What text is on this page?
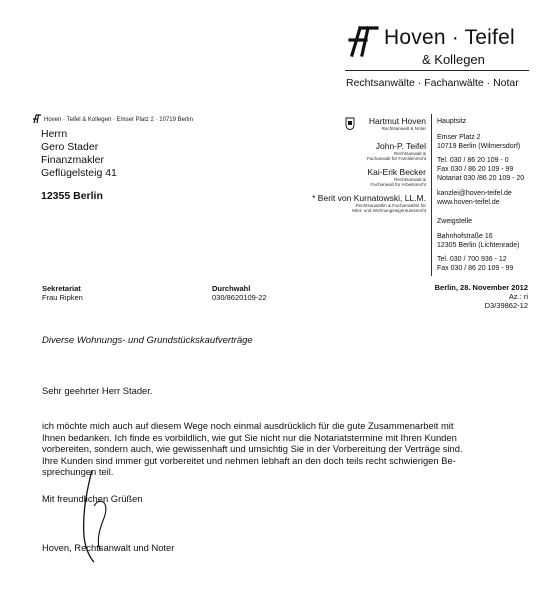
Hoven · Teifel
& Kollegen
Rechtsanwälte · Fachanwälte · Notar
Hoven · Teifel & Kollegen · Emser Platz 2 · 10719 Berlin
Herrn
Gero Stader
Finanzmakler
Geflügelsteig 41
12355 Berlin
Hartmut Hoven
Rechtsanwalt & Notar
John-P. Teifel
Rechtsanwalt &
Fachanwalt für Familienrecht
Kai-Erik Becker
Rechtsanwalt &
Fachanwalt für Arbeitsrecht
* Berit von Kurnatowski, LL.M.
Rechtsanwältin & Fachanwältin für
Miet- und Wohnungseigentumsrecht
Hauptsitz
Emser Platz 2
10719 Berlin (Wilmersdorf)
Tel. 030 / 86 20 109 - 0
Fax 030 / 86 20 109 - 99
Notariat 030 /86 20 109 - 20
kanzlei@hoven-teifel.de
www.hoven-teifel.de
Zweigstelle
Bahnhofstraße 16
12305 Berlin (Lichtenrade)
Tel. 030 / 700 936 - 12
Fax 030 / 86 20 109 - 99
Sekretariat
Frau Ripken
Durchwahl
030/8620109-22
Berlin, 28. November 2012
Az.: ri
D3/39862-12
Diverse Wohnungs- und Grundstückskaufverträge
Sehr geehrter Herr Stader.
ich möchte mich auch auf diesem Wege noch einmal ausdrücklich für die gute Zusammenarbeit mit
Ihnen bedanken. Ich finde es vorbildlich, wie gut Sie nicht nur die Notariatstermine mit Ihren Kunden
vorbereiten, sondern auch, wie gewissenhaft und umsichtig Sie in der Vorbereitung der Verträge sind.
Ihre Kunden sind immer gut vorbereitet und nehmen lebhaft an den doch teils recht schwierigen Be-
sprechungen teil.
Mit freundlichen Grüßen
Hoven, Rechtsanwalt und Noter
